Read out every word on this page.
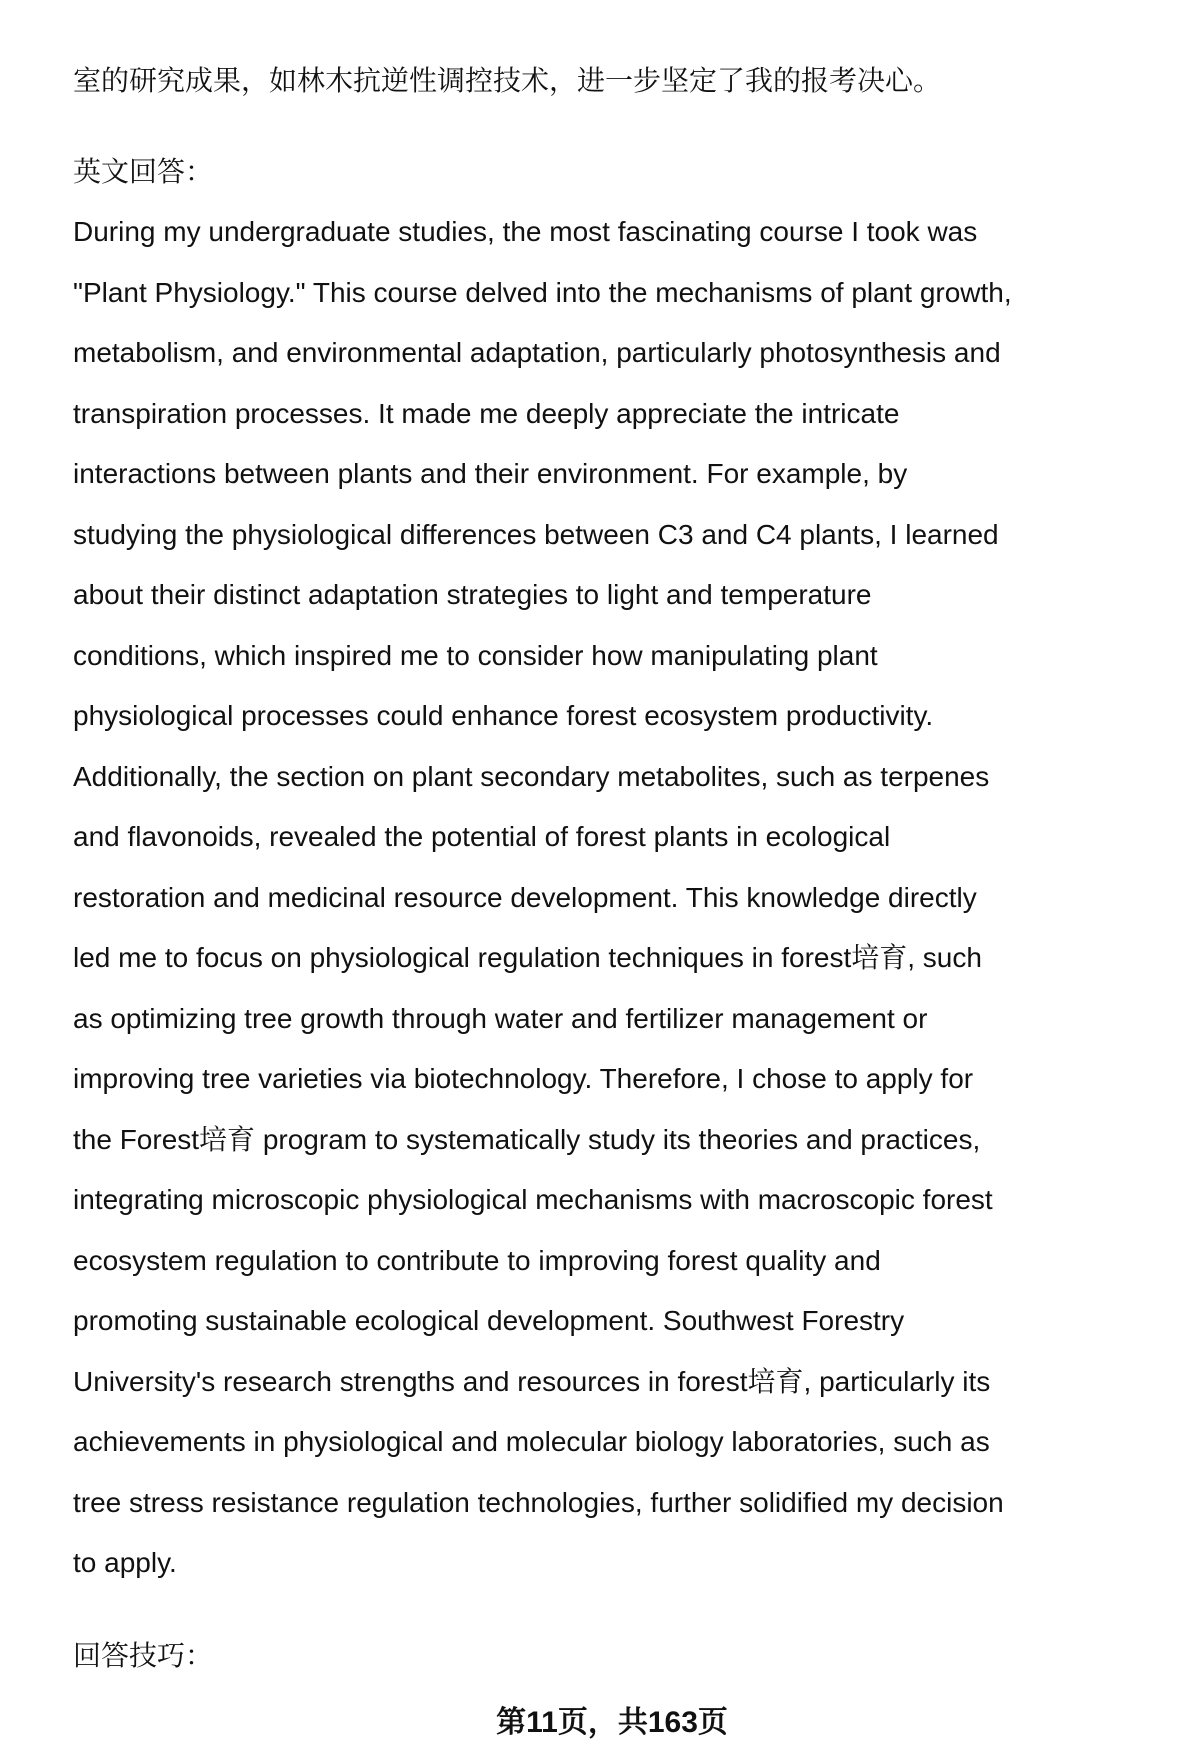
室的研究成果，如林木抗逆性调控技术，进一步坚定了我的报考决心。
英文回答：
During my undergraduate studies, the most fascinating course I took was
"Plant Physiology." This course delved into the mechanisms of plant growth,
metabolism, and environmental adaptation, particularly photosynthesis and
transpiration processes. It made me deeply appreciate the intricate
interactions between plants and their environment. For example, by
studying the physiological differences between C3 and C4 plants, I learned
about their distinct adaptation strategies to light and temperature
conditions, which inspired me to consider how manipulating plant
physiological processes could enhance forest ecosystem productivity.
Additionally, the section on plant secondary metabolites, such as terpenes
and flavonoids, revealed the potential of forest plants in ecological
restoration and medicinal resource development. This knowledge directly
led me to focus on physiological regulation techniques in forest培育, such
as optimizing tree growth through water and fertilizer management or
improving tree varieties via biotechnology. Therefore, I chose to apply for
the Forest培育 program to systematically study its theories and practices,
integrating microscopic physiological mechanisms with macroscopic forest
ecosystem regulation to contribute to improving forest quality and
promoting sustainable ecological development. Southwest Forestry
University's research strengths and resources in forest培育, particularly its
achievements in physiological and molecular biology laboratories, such as
tree stress resistance regulation technologies, further solidified my decision
to apply.
回答技巧：
第11页，共163页
